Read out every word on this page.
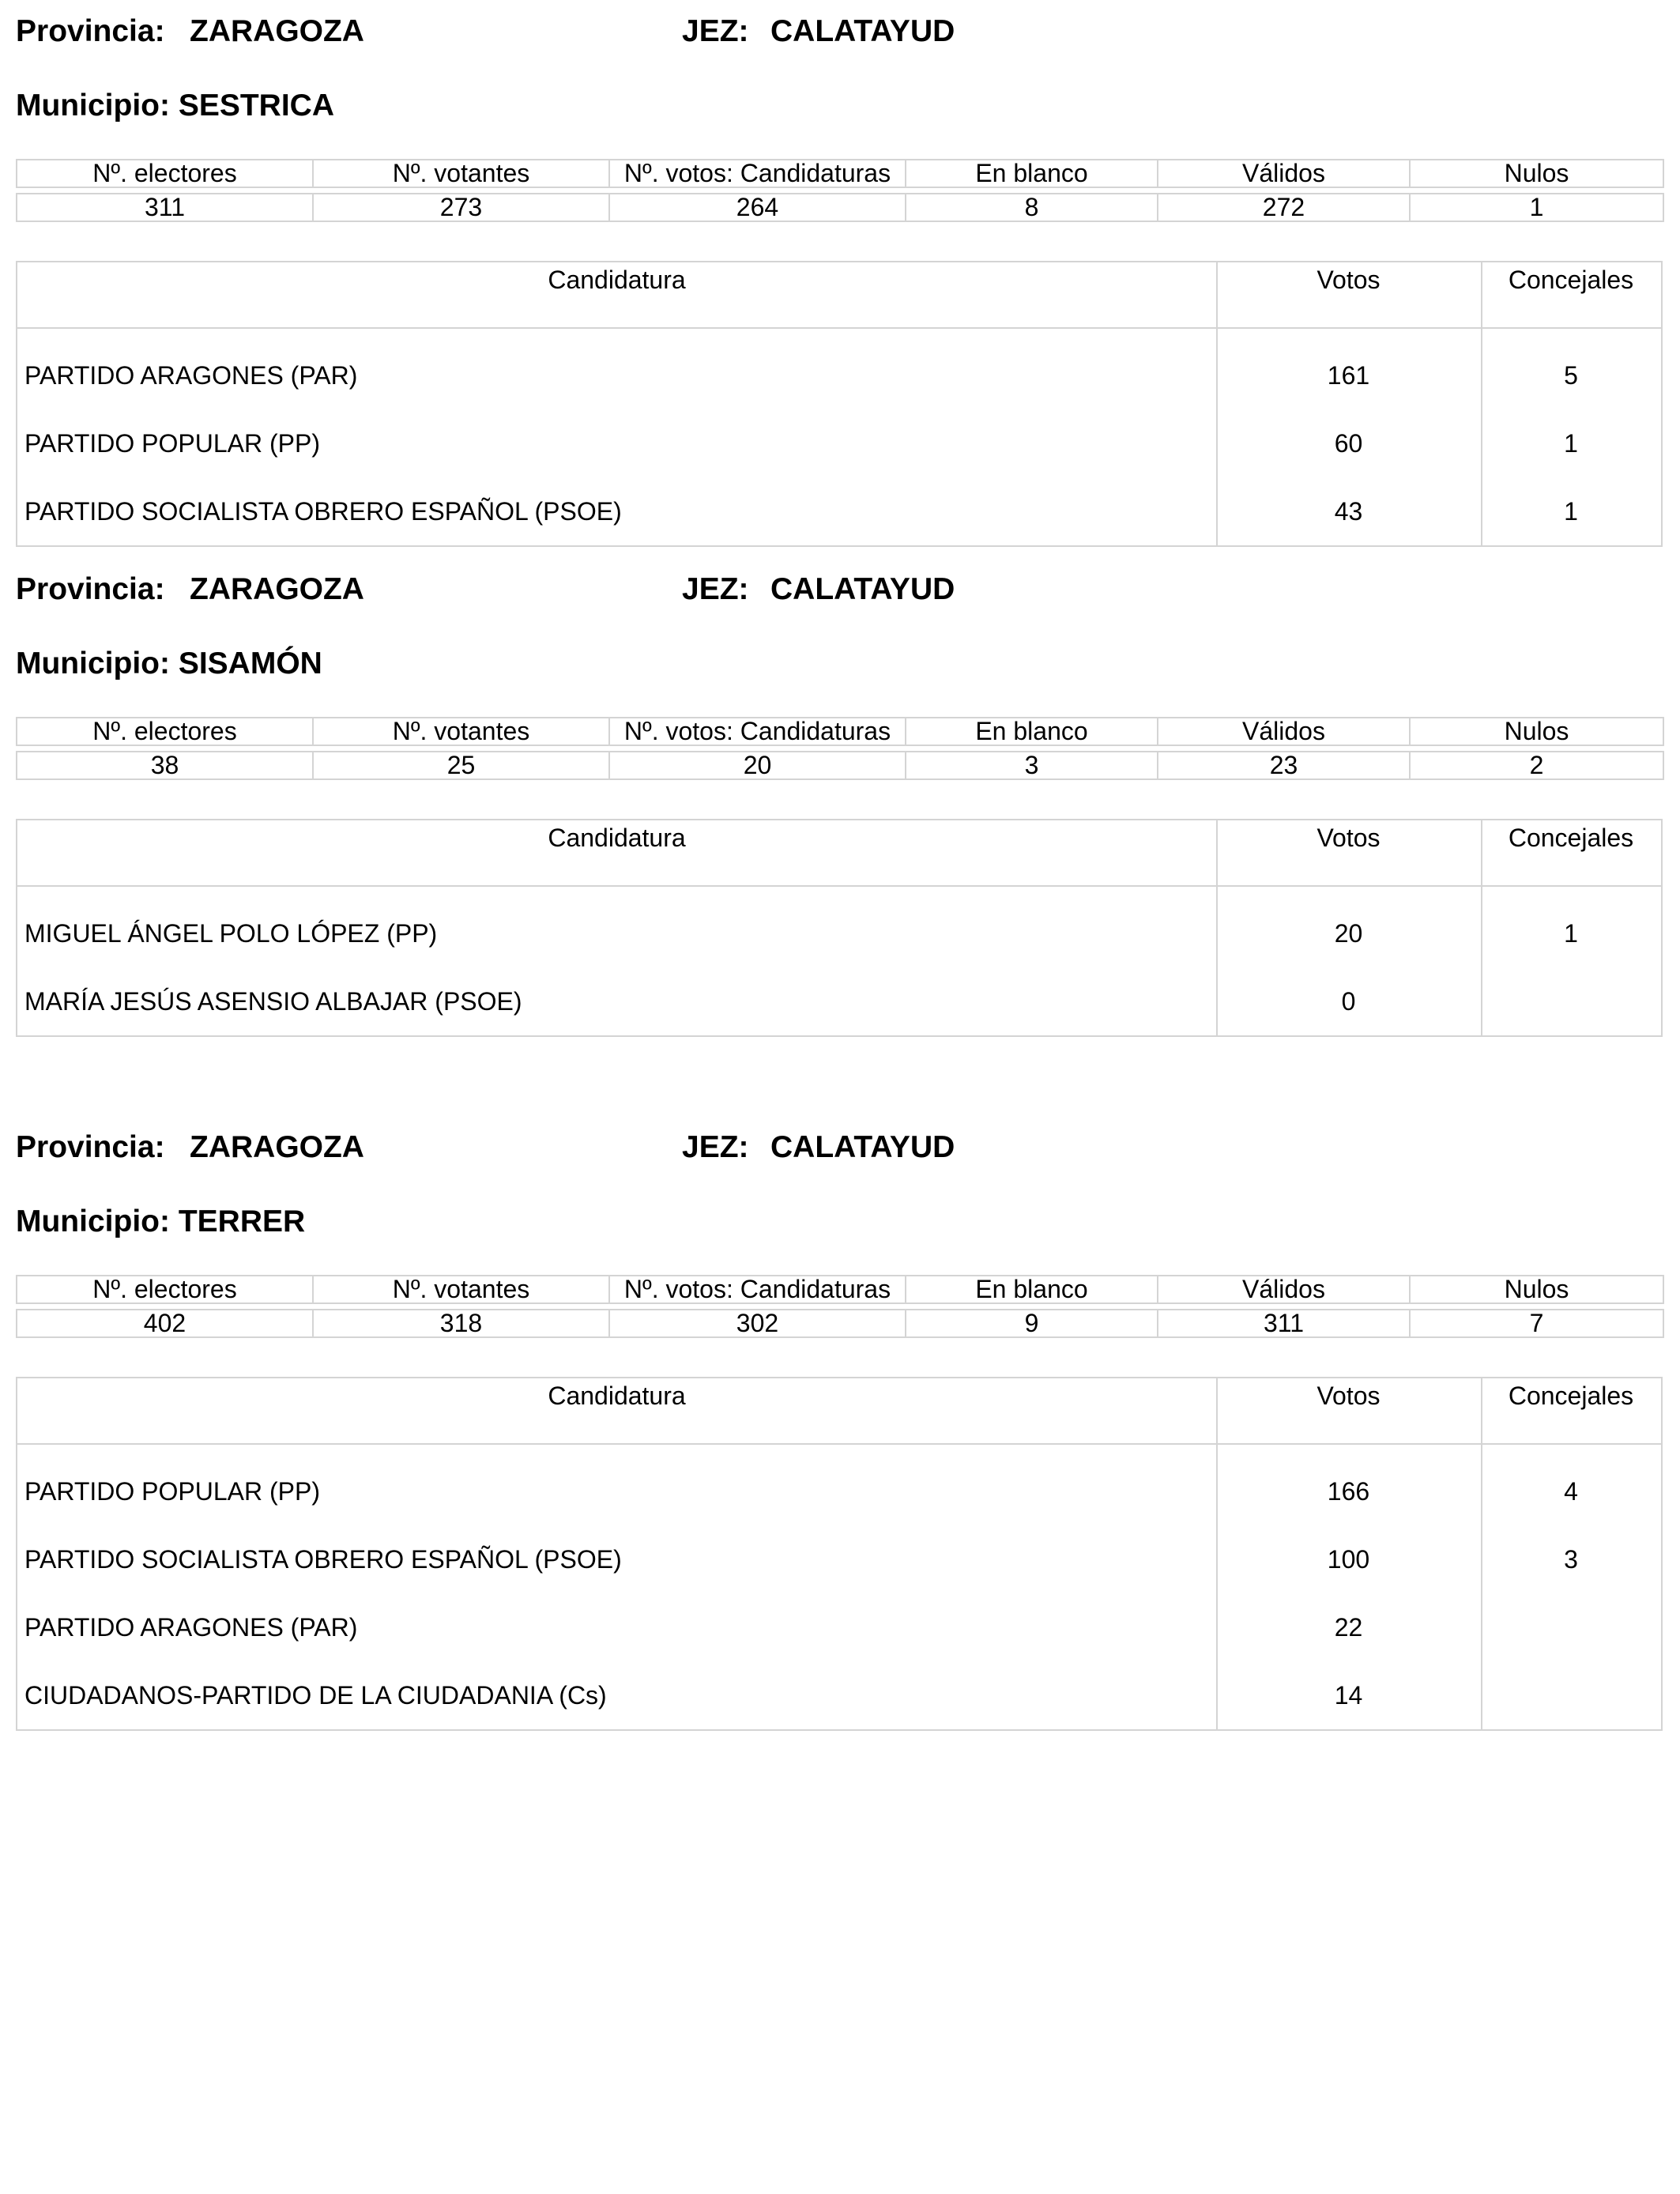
Provincia: ZARAGOZA	JEZ: CALATAYUD
Municipio: SESTRICA
Nº. electores	Nº. votantes	Nº. votos: Candidaturas	En blanco	Válidos	Nulos

311	273	264	8	272	1
Candidatura	Votos	Concejales
PARTIDO ARAGONES (PAR)	161	5
PARTIDO POPULAR (PP)	60	1
PARTIDO SOCIALISTA OBRERO ESPAÑOL (PSOE)	43	1
Provincia: ZARAGOZA	JEZ: CALATAYUD
Municipio: SISAMÓN
Nº. electores	Nº. votantes	Nº. votos: Candidaturas	En blanco	Válidos	Nulos

38	25	20	3	23	2
Candidatura	Votos	Concejales
MIGUEL ÁNGEL POLO LÓPEZ (PP)	20	1
MARÍA JESÚS ASENSIO ALBAJAR (PSOE)	0
Provincia: ZARAGOZA	JEZ: CALATAYUD
Municipio: TERRER
Nº. electores	Nº. votantes	Nº. votos: Candidaturas	En blanco	Válidos	Nulos

402	318	302	9	311	7
Candidatura	Votos	Concejales
PARTIDO POPULAR (PP)	166	4
PARTIDO SOCIALISTA OBRERO ESPAÑOL (PSOE)	100	3
PARTIDO ARAGONES (PAR)	22
CIUDADANOS-PARTIDO DE LA CIUDADANIA (Cs)	14
